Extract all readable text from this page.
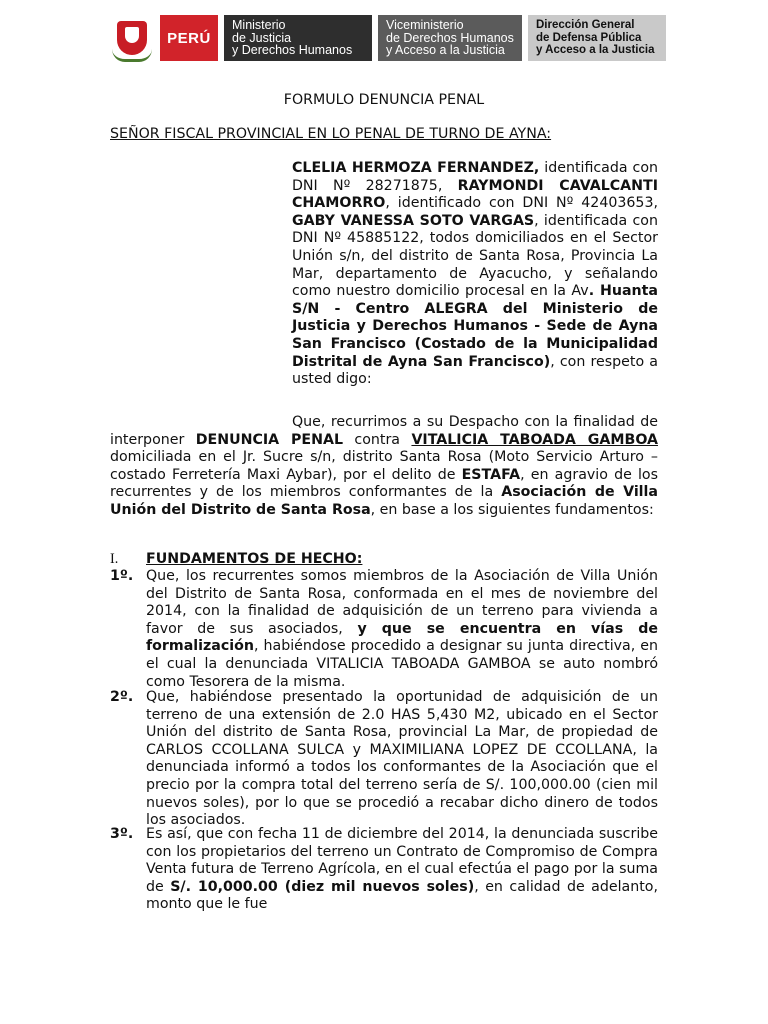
PERÚ
Ministerio
de Justicia
y Derechos Humanos
Viceministerio
de Derechos Humanos
y Acceso a la Justicia
Dirección General
de Defensa Pública
y Acceso a la Justicia

FORMULO DENUNCIA PENAL

SEÑOR FISCAL PROVINCIAL EN LO PENAL DE TURNO DE AYNA:

CLELIA HERMOZA FERNANDEZ, identificada con DNI Nº 28271875, RAYMONDI CAVALCANTI CHAMORRO, identificado con DNI Nº 42403653, GABY VANESSA SOTO VARGAS, identificada con DNI Nº 45885122, todos domiciliados en el Sector Unión s/n, del distrito de Santa Rosa, Provincia La Mar, departamento de Ayacucho, y señalando como nuestro domicilio procesal en la Av. Huanta S/N - Centro ALEGRA del Ministerio de Justicia y Derechos Humanos - Sede de Ayna San Francisco (Costado de la Municipalidad Distrital de Ayna San Francisco), con respeto a usted digo:

Que, recurrimos a su Despacho con la finalidad de interponer DENUNCIA PENAL contra VITALICIA TABOADA GAMBOA domiciliada en el Jr. Sucre s/n, distrito Santa Rosa (Moto Servicio Arturo – costado Ferretería Maxi Aybar), por el delito de ESTAFA, en agravio de los recurrentes y de los miembros conformantes de la Asociación de Villa Unión del Distrito de Santa Rosa, en base a los siguientes fundamentos:

I.	FUNDAMENTOS DE HECHO:
1º. Que, los recurrentes somos miembros de la Asociación de Villa Unión del Distrito de Santa Rosa, conformada en el mes de noviembre del 2014, con la finalidad de adquisición de un terreno para vivienda a favor de sus asociados, y que se encuentra en vías de formalización, habiéndose procedido a designar su junta directiva, en el cual la denunciada VITALICIA TABOADA GAMBOA se auto nombró como Tesorera de la misma.
2º. Que, habiéndose presentado la oportunidad de adquisición de un terreno de una extensión de 2.0 HAS 5,430 M2, ubicado en el Sector Unión del distrito de Santa Rosa, provincial La Mar, de propiedad de CARLOS CCOLLANA SULCA y MAXIMILIANA LOPEZ DE CCOLLANA, la denunciada informó a todos los conformantes de la Asociación que el precio por la compra total del terreno sería de S/. 100,000.00 (cien mil nuevos soles), por lo que se procedió a recabar dicho dinero de todos los asociados.
3º. Es así, que con fecha 11 de diciembre del 2014, la denunciada suscribe con los propietarios del terreno un Contrato de Compromiso de Compra Venta futura de Terreno Agrícola, en el cual efectúa el pago por la suma de S/. 10,000.00 (diez mil nuevos soles), en calidad de adelanto, monto que le fue
